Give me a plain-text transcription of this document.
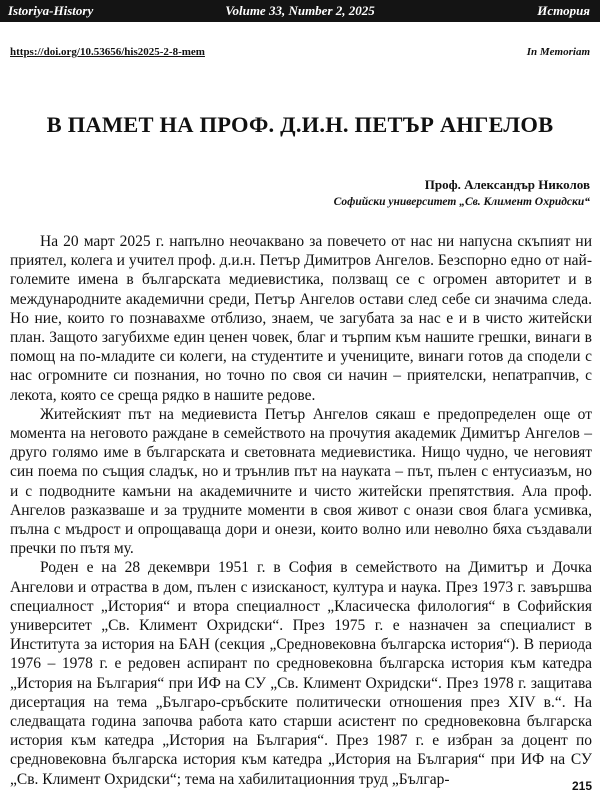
Istoriya-History	Volume 33, Number 2, 2025	История
https://doi.org/10.53656/his2025-2-8-mem	In Memoriam
В ПАМЕТ НА ПРОФ. Д.И.Н. ПЕТЪР АНГЕЛОВ
Проф. Александър Николов
Софийски университет „Св. Климент Охридски“

На 20 март 2025 г. напълно неочаквано за повечето от нас ни напусна скъпият ни приятел, колега и учител проф. д.и.н. Петър Димитров Ангелов. Безспорно едно от най-големите имена в българската медиевистика, ползващ се с огромен авторитет и в международните академични среди, Петър Ангелов остави след себе си значима следа. Но ние, които го познавахме отблизо, знаем, че загубата за нас е и в чисто житейски план. Защото загубихме един ценен човек, благ и търпим към нашите грешки, винаги в помощ на по-младите си колеги, на студентите и учениците, винаги готов да сподели с нас огромните си познания, но точно по своя си начин – приятелски, непатрапчив, с лекота, която се среща рядко в нашите редове.

Житейският път на медиевиста Петър Ангелов сякаш е предопределен още от момента на неговото раждане в семейството на прочутия академик Димитър Ангелов – друго голямо име в българската и световната медиевистика. Нищо чудно, че неговият син поема по същия сладък, но и трънлив път на науката – път, пълен с ентусиазъм, но и с подводните камъни на академичните и чисто житейски препятствия. Ала проф. Ангелов разказваше и за трудните моменти в своя живот с онази своя блага усмивка, пълна с мъдрост и опрощаваща дори и онези, които волно или неволно бяха създавали пречки по пътя му.

Роден е на 28 декември 1951 г. в София в семейството на Димитър и Дочка Ангелови и отраства в дом, пълен с изисканост, култура и наука. През 1973 г. завършва специалност „История“ и втора специалност „Класическа филология“ в Софийския университет „Св. Климент Охридски“. През 1975 г. е назначен за специалист в Института за история на БАН (секция „Средновековна българска история“). В периода 1976 – 1978 г. е редовен аспирант по средновековна българска история към катедра „История на България“ при ИФ на СУ „Св. Климент Охридски“. През 1978 г. защитава дисертация на тема „Българо-сръбските политически отношения през XIV в.“. На следващата година започва работа като старши асистент по средновековна българска история към катедра „История на България“. През 1987 г. е избран за доцент по средновековна българска история към катедра „История на България“ при ИФ на СУ „Св. Климент Охридски“; тема на хабилитационния труд „Българ-	215
